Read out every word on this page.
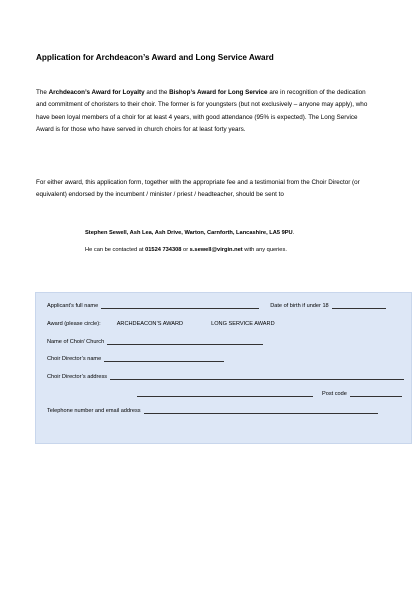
Application for Archdeacon’s Award and Long Service Award
The Archdeacon’s Award for Loyalty and the Bishop’s Award for Long Service are in recognition of the dedication and commitment of choristers to their choir. The former is for youngsters (but not exclusively – anyone may apply), who have been loyal members of a choir for at least 4 years, with good attendance (95% is expected). The Long Service Award is for those who have served in church choirs for at least forty years.
For either award, this application form, together with the appropriate fee and a testimonial from the Choir Director (or equivalent) endorsed by the incumbent / minister / priest / headteacher, should be sent to
Stephen Sewell, Ash Lea, Ash Drive, Warton, Carnforth, Lancashire, LA5 9PU.
He can be contacted at 01524 734308 or s.sewell@virgin.net with any queries.
Applicant’s full name	Date of birth if under 18
Award (please circle):	ARCHDEACON’S AWARD	LONG SERVICE AWARD
Name of Choir/ Church
Choir Director’s name
Choir Director’s address
Post code
Telephone number and email address
